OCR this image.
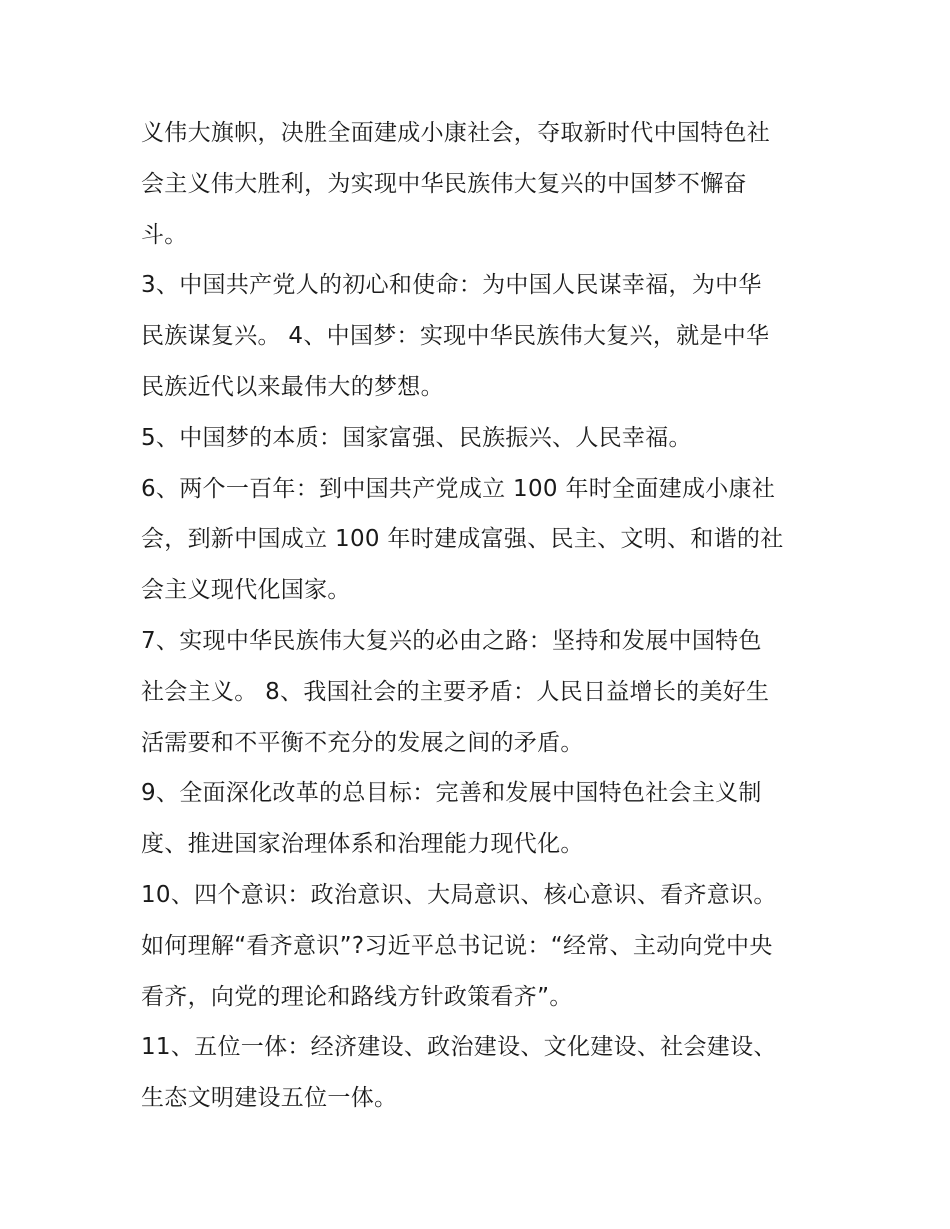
义伟大旗帜，决胜全面建成小康社会，夺取新时代中国特色社
会主义伟大胜利，为实现中华民族伟大复兴的中国梦不懈奋
斗。
3、中国共产党人的初心和使命：为中国人民谋幸福，为中华
民族谋复兴。 4、中国梦：实现中华民族伟大复兴，就是中华
民族近代以来最伟大的梦想。
5、中国梦的本质：国家富强、民族振兴、人民幸福。
6、两个一百年：到中国共产党成立 100 年时全面建成小康社
会，到新中国成立 100 年时建成富强、民主、文明、和谐的社
会主义现代化国家。
7、实现中华民族伟大复兴的必由之路：坚持和发展中国特色
社会主义。 8、我国社会的主要矛盾：人民日益增长的美好生
活需要和不平衡不充分的发展之间的矛盾。
9、全面深化改革的总目标：完善和发展中国特色社会主义制
度、推进国家治理体系和治理能力现代化。
10、四个意识：政治意识、大局意识、核心意识、看齐意识。
如何理解“看齐意识”?习近平总书记说：“经常、主动向党中央
看齐，向党的理论和路线方针政策看齐”。
11、五位一体：经济建设、政治建设、文化建设、社会建设、
生态文明建设五位一体。
